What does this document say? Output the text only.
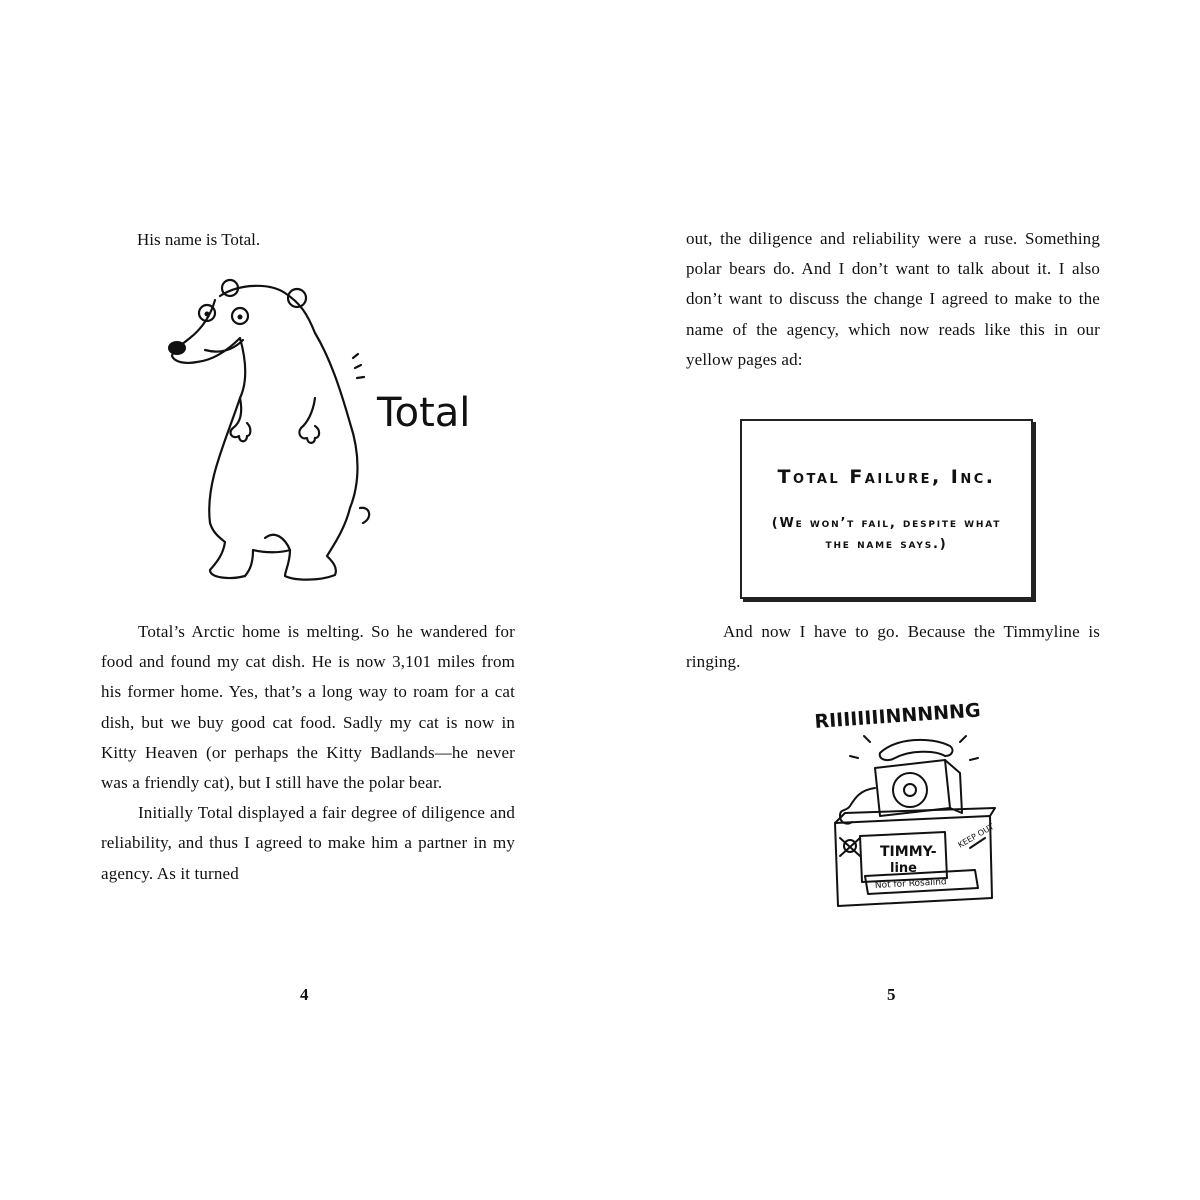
His name is Total.
Total

Total’s Arctic home is melting. So he wandered for food and found my cat dish. He is now 3,101 miles from his former home. Yes, that’s a long way to roam for a cat dish, but we buy good cat food. Sadly my cat is now in Kitty Heaven (or perhaps the Kitty Badlands—he never was a friendly cat), but I still have the polar bear.

Initially Total displayed a fair degree of diligence and reliability, and thus I agreed to make him a partner in my agency. As it turned

4

out, the diligence and reliability were a ruse. Something polar bears do. And I don’t want to talk about it. I also don’t want to discuss the change I agreed to make to the name of the agency, which now reads like this in our yellow pages ad:

Total Failure, Inc.
(We won’t fail, despite what the name says.)

And now I have to go. Because the Timmyline is ringing.

RIIIIIIIINNNNNG
TIMMY-
line
Not for Rosalind
KEEP OUT
5
